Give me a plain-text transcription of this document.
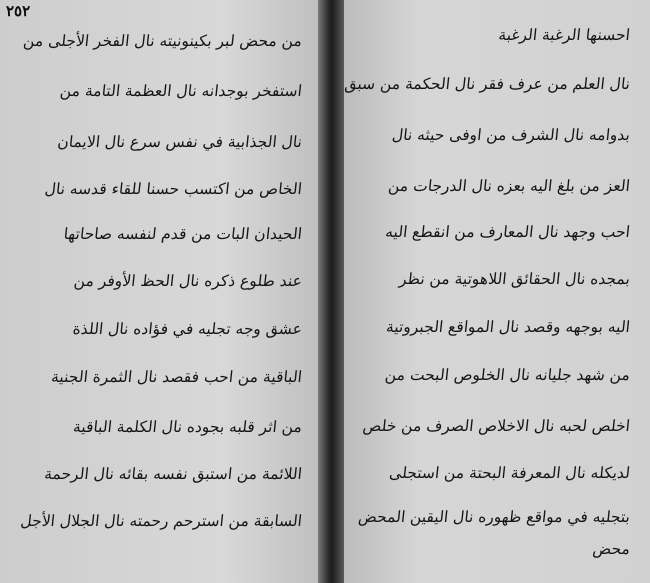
٢٥٢
من محض لبر بكينونيته نال الفخر الأجلى من
استفخر بوجدانه نال العظمة التامة من
نال الجذابية في نفس سرع نال الايمان
الخاص من اكتسب حسنا للقاء قدسه نال
الحيدان البات من قدم لنفسه صاحاتها
عند طلوع ذكره نال الحظ الأوفر من
عشق وجه تجليه في فؤاده نال اللذة
الباقية من احب فقصد نال الثمرة الجنية
من اثر قلبه بجوده نال الكلمة الباقية
اللائمة من استبق نفسه بقائه نال الرحمة
السابقة من استرحم رحمته نال الجلال الأجل
احسنها الرغبة الرغبة
نال العلم من عرف فقر نال الحكمة من سبق
بدوامه نال الشرف من اوفى حيثه نال
العز من بلغ اليه بعزه نال الدرجات من
احب وجهد نال المعارف من انقطع اليه
بمجده نال الحقائق اللاهوتية من نظر
اليه بوجهه وقصد نال المواقع الجبروتية
من شهد جليانه نال الخلوص البحت من
اخلص لحبه نال الاخلاص الصرف من خلص
لديكله نال المعرفة البحتة من استجلى
بتجليه في مواقع ظهوره نال اليقين المحض
محض
